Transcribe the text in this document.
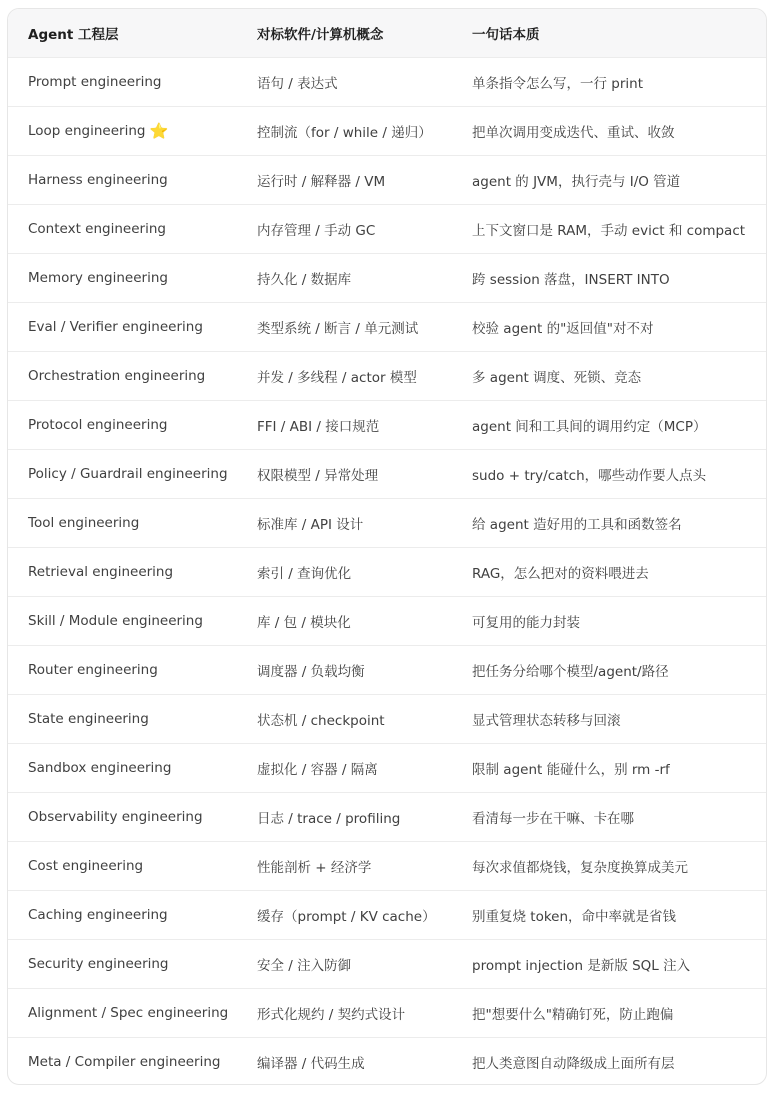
Agent 工程层	对标软件/计算机概念	一句话本质
Prompt engineering	语句 / 表达式	单条指令怎么写，一行 print
Loop engineering ⭐	控制流（for / while / 递归）	把单次调用变成迭代、重试、收敛
Harness engineering	运行时 / 解释器 / VM	agent 的 JVM，执行壳与 I/O 管道
Context engineering	内存管理 / 手动 GC	上下文窗口是 RAM，手动 evict 和 compact
Memory engineering	持久化 / 数据库	跨 session 落盘，INSERT INTO
Eval / Verifier engineering	类型系统 / 断言 / 单元测试	校验 agent 的"返回值"对不对
Orchestration engineering	并发 / 多线程 / actor 模型	多 agent 调度、死锁、竞态
Protocol engineering	FFI / ABI / 接口规范	agent 间和工具间的调用约定（MCP）
Policy / Guardrail engineering	权限模型 / 异常处理	sudo + try/catch，哪些动作要人点头
Tool engineering	标准库 / API 设计	给 agent 造好用的工具和函数签名
Retrieval engineering	索引 / 查询优化	RAG，怎么把对的资料喂进去
Skill / Module engineering	库 / 包 / 模块化	可复用的能力封装
Router engineering	调度器 / 负载均衡	把任务分给哪个模型/agent/路径
State engineering	状态机 / checkpoint	显式管理状态转移与回滚
Sandbox engineering	虚拟化 / 容器 / 隔离	限制 agent 能碰什么，别 rm -rf
Observability engineering	日志 / trace / profiling	看清每一步在干嘛、卡在哪
Cost engineering	性能剖析 + 经济学	每次求值都烧钱，复杂度换算成美元
Caching engineering	缓存（prompt / KV cache）	别重复烧 token，命中率就是省钱
Security engineering	安全 / 注入防御	prompt injection 是新版 SQL 注入
Alignment / Spec engineering	形式化规约 / 契约式设计	把"想要什么"精确钉死，防止跑偏
Meta / Compiler engineering	编译器 / 代码生成	把人类意图自动降级成上面所有层
